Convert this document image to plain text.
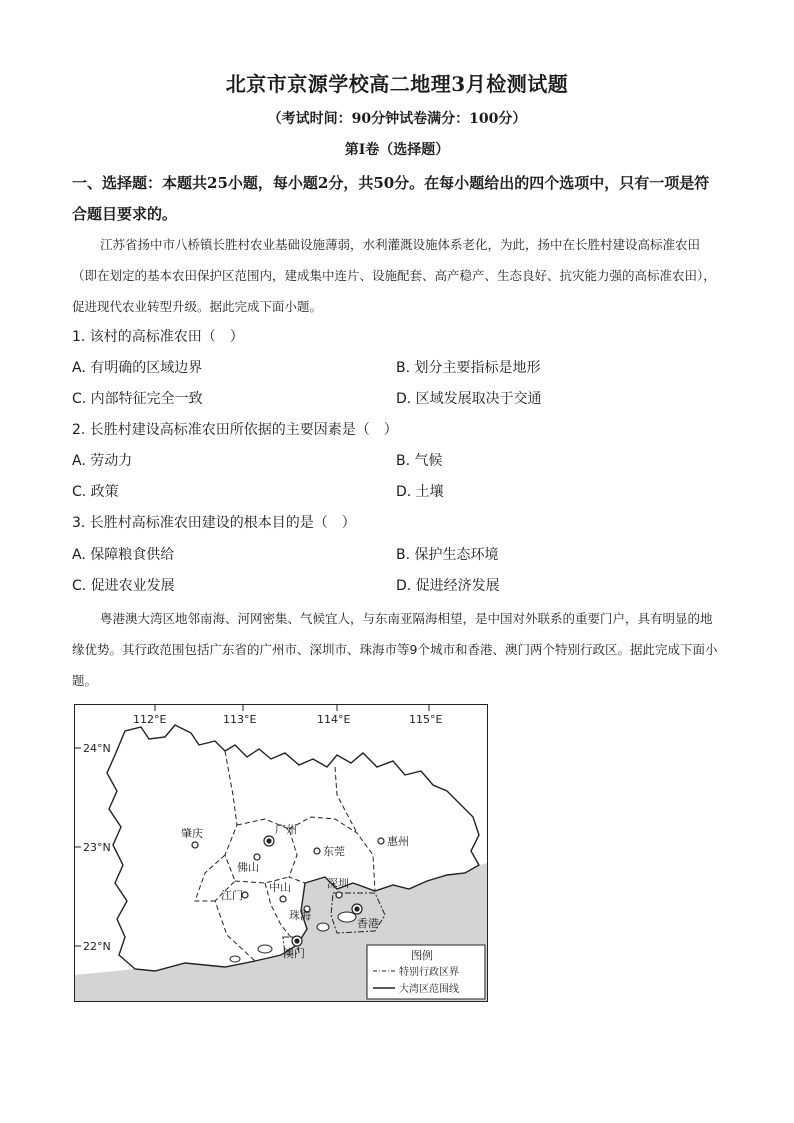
北京市京源学校高二地理3月检测试题
（考试时间：90分钟试卷满分：100分）
第I卷（选择题）
一、选择题：本题共25小题，每小题2分，共50分。在每小题给出的四个选项中，只有一项是符合题目要求的。
江苏省扬中市八桥镇长胜村农业基础设施薄弱，水利灌溉设施体系老化，为此，扬中在长胜村建设高标准农田（即在划定的基本农田保护区范围内，建成集中连片、设施配套、高产稳产、生态良好、抗灾能力强的高标准农田），促进现代农业转型升级。据此完成下面小题。
1. 该村的高标准农田（　）
A. 有明确的区域边界	B. 划分主要指标是地形
C. 内部特征完全一致	D. 区域发展取决于交通
2. 长胜村建设高标准农田所依据的主要因素是（　）
A. 劳动力	B. 气候
C. 政策	D. 土壤
3. 长胜村高标准农田建设的根本目的是（　）
A. 保障粮食供给	B. 保护生态环境
C. 促进农业发展	D. 促进经济发展
粤港澳大湾区地邻南海、河网密集、气候宜人，与东南亚隔海相望，是中国对外联系的重要门户，具有明显的地缘优势。其行政范围包括广东省的广州市、深圳市、珠海市等9个城市和香港、澳门两个特别行政区。据此完成下面小题。
112°E	113°E	114°E	115°E
24°N
23°N
22°N
肇庆	广州
惠州
佛山
东莞
江门
中山	深圳
珠海
香港
澳门	图例
特别行政区界
大湾区范围线
